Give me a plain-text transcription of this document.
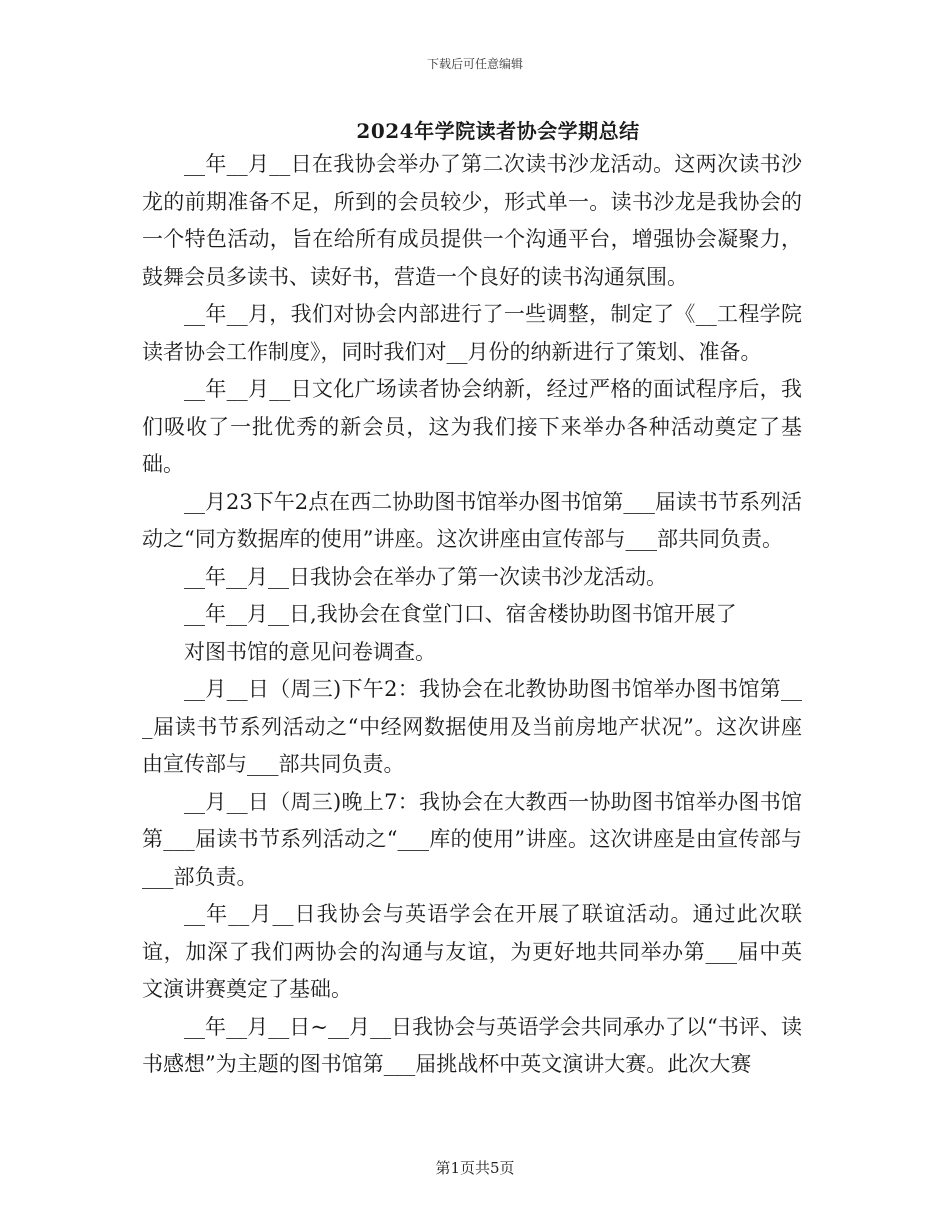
下载后可任意编辑
2024年学院读者协会学期总结

__年__月__日在我协会举办了第二次读书沙龙活动。这两次读书沙龙的前期准备不足，所到的会员较少，形式单一。读书沙龙是我协会的一个特色活动，旨在给所有成员提供一个沟通平台，增强协会凝聚力，鼓舞会员多读书、读好书，营造一个良好的读书沟通氛围。

__年__月，我们对协会内部进行了一些调整，制定了《__工程学院读者协会工作制度》，同时我们对__月份的纳新进行了策划、准备。

__年__月__日文化广场读者协会纳新，经过严格的面试程序后，我们吸收了一批优秀的新会员，这为我们接下来举办各种活动奠定了基础。

__月23下午2点在西二协助图书馆举办图书馆第___届读书节系列活动之“同方数据库的使用”讲座。这次讲座由宣传部与___部共同负责。

__年__月__日我协会在举办了第一次读书沙龙活动。

__年__月__日,我协会在食堂门口、宿舍楼协助图书馆开展了

对图书馆的意见问卷调查。

__月__日（周三)下午2：我协会在北教协助图书馆举办图书馆第___届读书节系列活动之“中经网数据使用及当前房地产状况”。这次讲座由宣传部与___部共同负责。

__月__日（周三)晚上7：我协会在大教西一协助图书馆举办图书馆第___届读书节系列活动之“___库的使用”讲座。这次讲座是由宣传部与___部负责。

__年__月__日我协会与英语学会在开展了联谊活动。通过此次联谊，加深了我们两协会的沟通与友谊，为更好地共同举办第___届中英文演讲赛奠定了基础。

__年__月__日~__月__日我协会与英语学会共同承办了以“书评、读书感想”为主题的图书馆第___届挑战杯中英文演讲大赛。此次大赛

第1页共5页
